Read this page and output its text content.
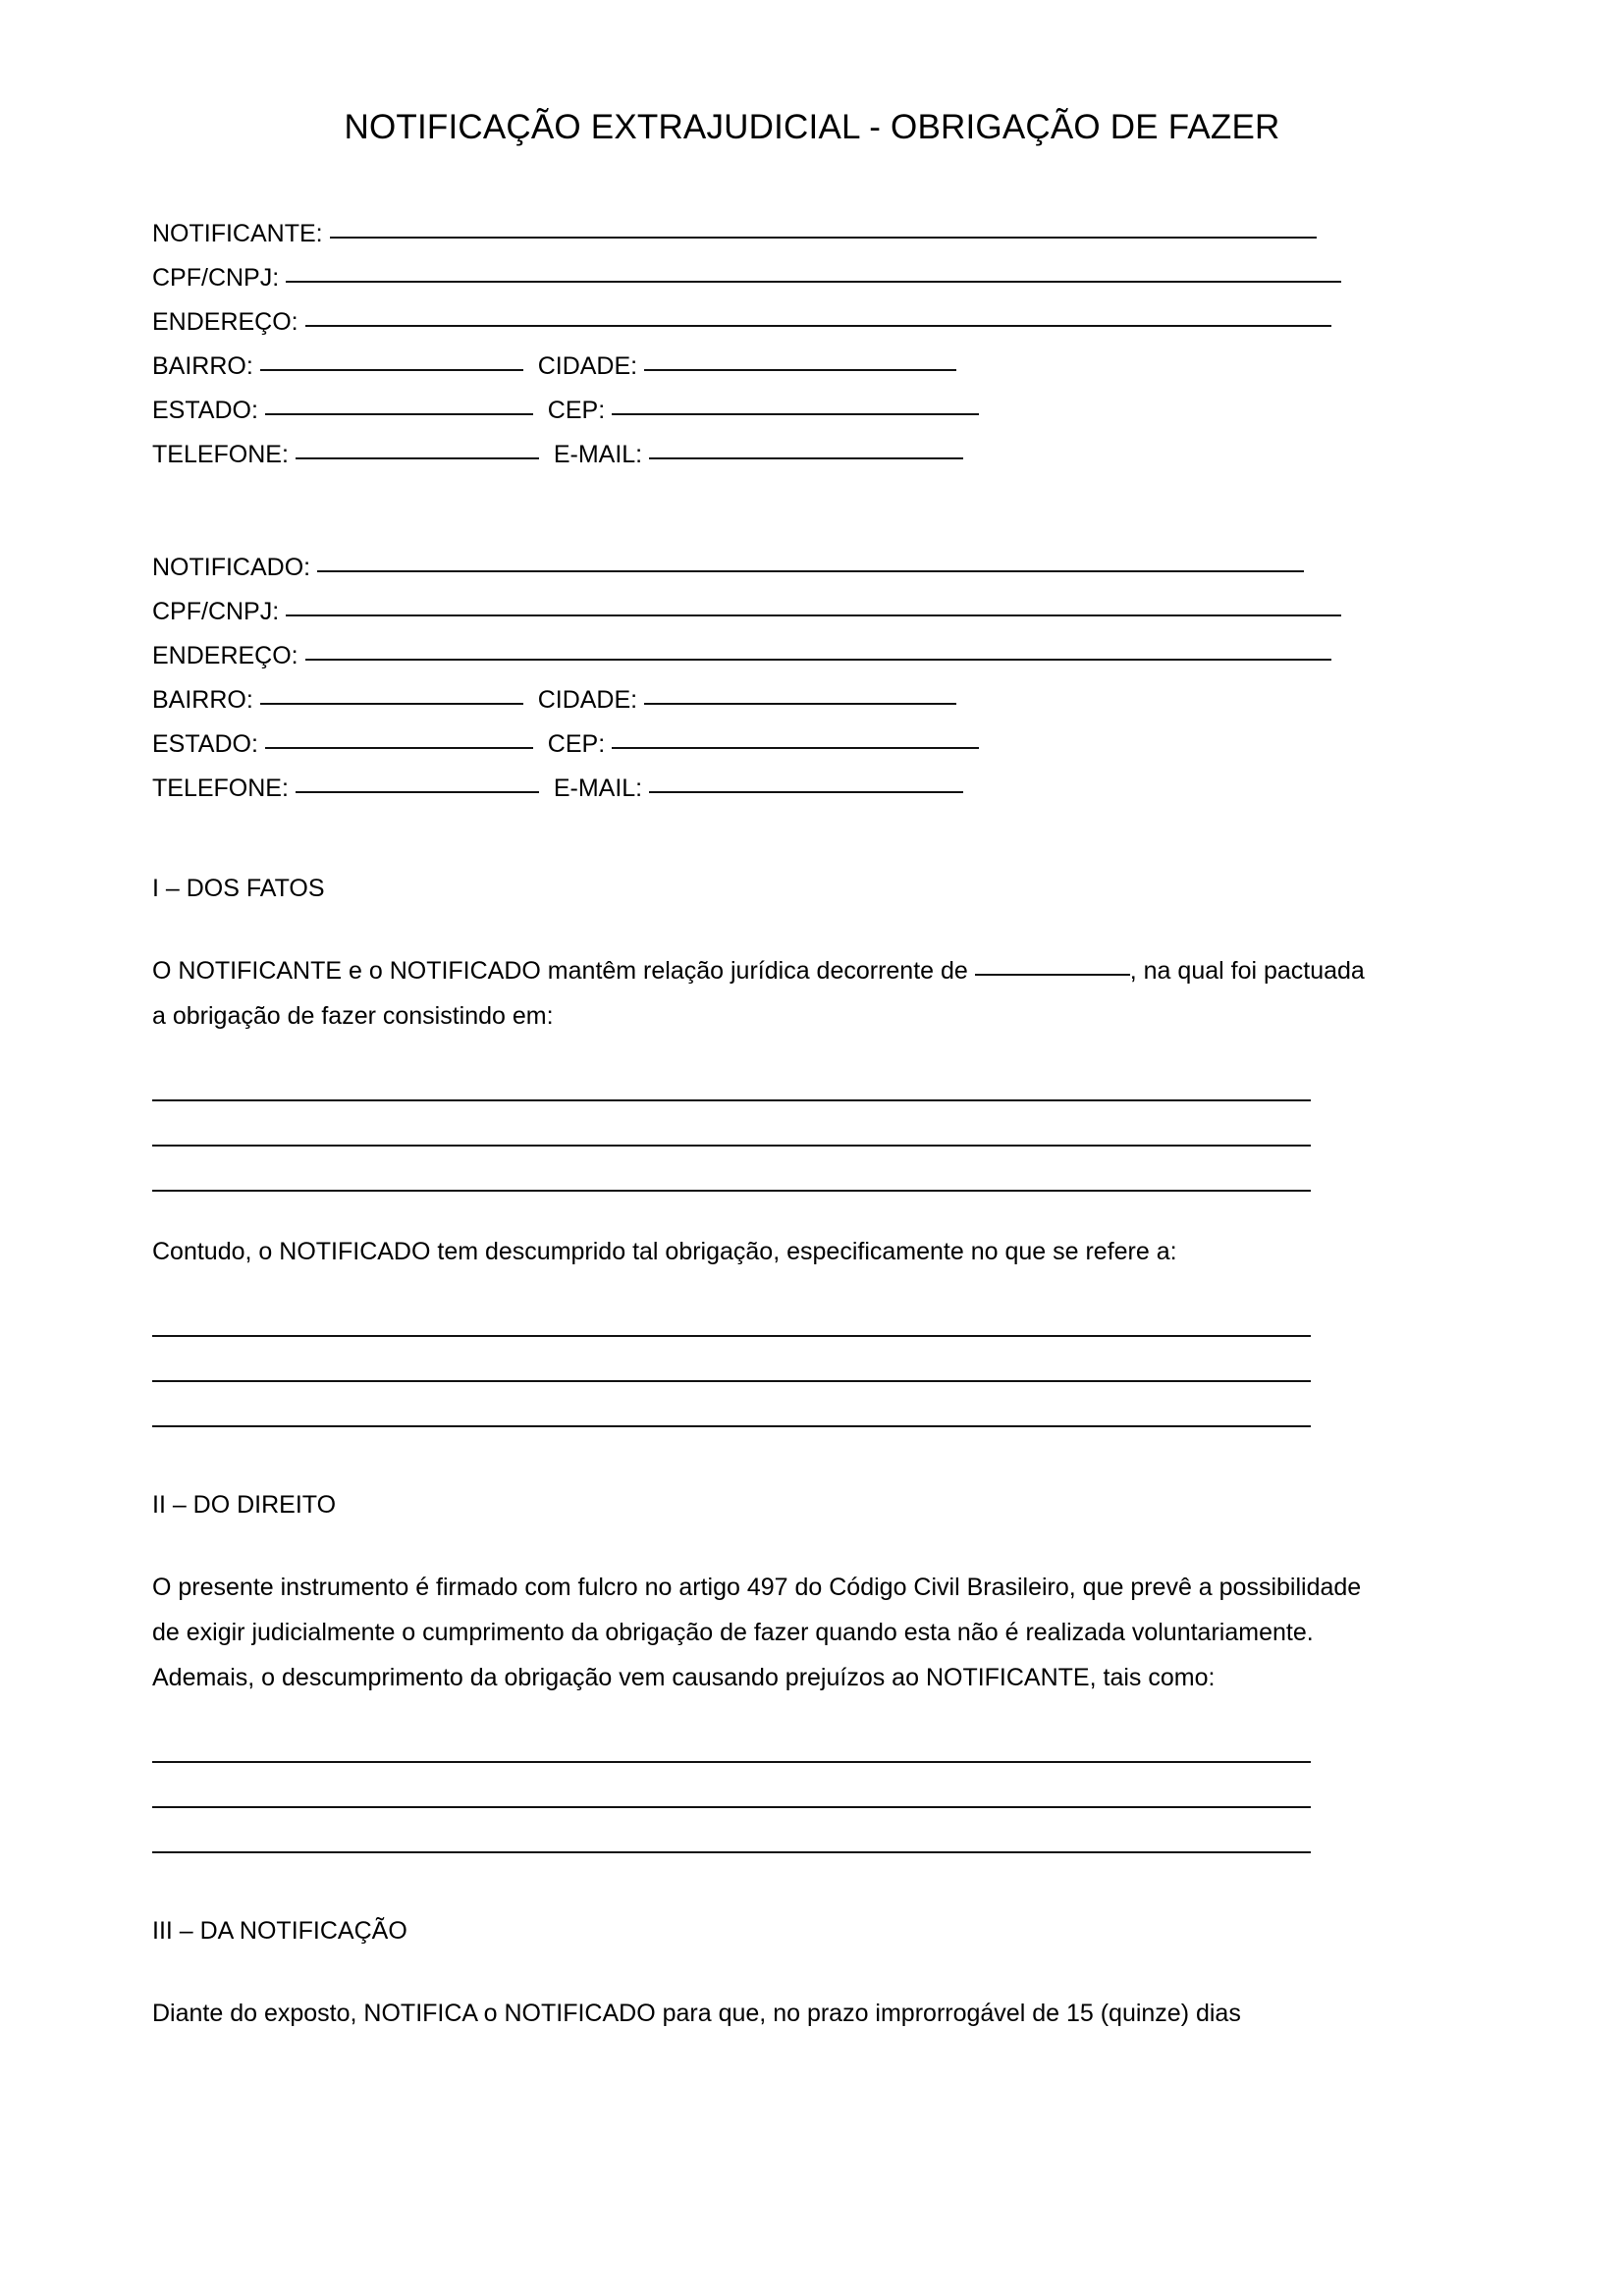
NOTIFICAÇÃO EXTRAJUDICIAL - OBRIGAÇÃO DE FAZER
NOTIFICANTE:
CPF/CNPJ:
ENDEREÇO:
BAIRRO:	CIDADE:
ESTADO:	CEP:
TELEFONE:	E-MAIL:
NOTIFICADO:
CPF/CNPJ:
ENDEREÇO:
BAIRRO:	CIDADE:
ESTADO:	CEP:
TELEFONE:	E-MAIL:
I – DOS FATOS
O NOTIFICANTE e o NOTIFICADO mantêm relação jurídica decorrente de	, na qual foi pactuada a obrigação de fazer consistindo em:
Contudo, o NOTIFICADO tem descumprido tal obrigação, especificamente no que se refere a:
II – DO DIREITO
O presente instrumento é firmado com fulcro no artigo 497 do Código Civil Brasileiro, que prevê a possibilidade de exigir judicialmente o cumprimento da obrigação de fazer quando esta não é realizada voluntariamente.
Ademais, o descumprimento da obrigação vem causando prejuízos ao NOTIFICANTE, tais como:
III – DA NOTIFICAÇÃO
Diante do exposto, NOTIFICA o NOTIFICADO para que, no prazo improrrogável de 15 (quinze) dias
